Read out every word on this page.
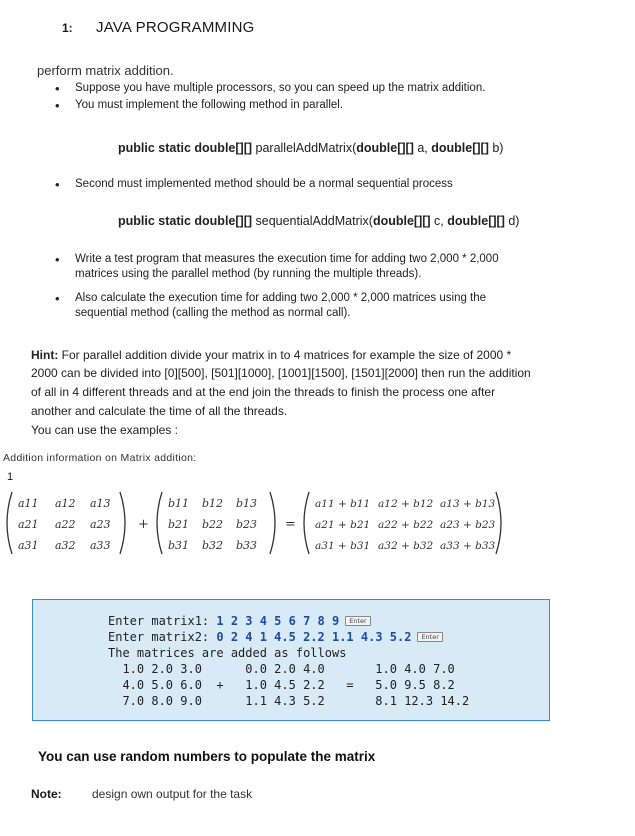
1: JAVA PROGRAMMING
perform matrix addition.
• Suppose you have multiple processors, so you can speed up the matrix addition.
• You must implement the following method in parallel.
public static double[][] parallelAddMatrix(double[][] a, double[][] b)
• Second must implemented method should be a normal sequential process
public static double[][] sequentialAddMatrix(double[][] c, double[][] d)
• Write a test program that measures the execution time for adding two 2,000 * 2,000
matrices using the parallel method (by running the multiple threads).
• Also calculate the execution time for adding two 2,000 * 2,000 matrices using the
sequential method (calling the method as normal call).
Hint: For parallel addition divide your matrix in to 4 matrices for example the size of 2000 *
2000 can be divided into [0][500], [501][1000], [1001][1500], [1501][2000] then run the addition
of all in 4 different threads and at the end join the threads to finish the process one after
another and calculate the time of all the threads.
You can use the examples :
Addition information on Matrix addition:
1
a11 a12 a13
a21 a22 a23
a31 a32 a33
+
b11 b12 b13
b21 b22 b23
b31 b32 b33
=
a11 + b11 a12 + b12 a13 + b13
a21 + b21 a22 + b22 a23 + b23
a31 + b31 a32 + b32 a33 + b33
Enter matrix1: 1 2 3 4 5 6 7 8 9 Enter
Enter matrix2: 0 2 4 1 4.5 2.2 1.1 4.3 5.2 Enter
The matrices are added as follows
1.0 2.0 3.0      0.0 2.0 4.0       1.0 4.0 7.0
4.0 5.0 6.0  +   1.0 4.5 2.2   =   5.0 9.5 8.2
7.0 8.0 9.0      1.1 4.3 5.2       8.1 12.3 14.2
You can use random numbers to populate the matrix
Note:	design own output for the task
